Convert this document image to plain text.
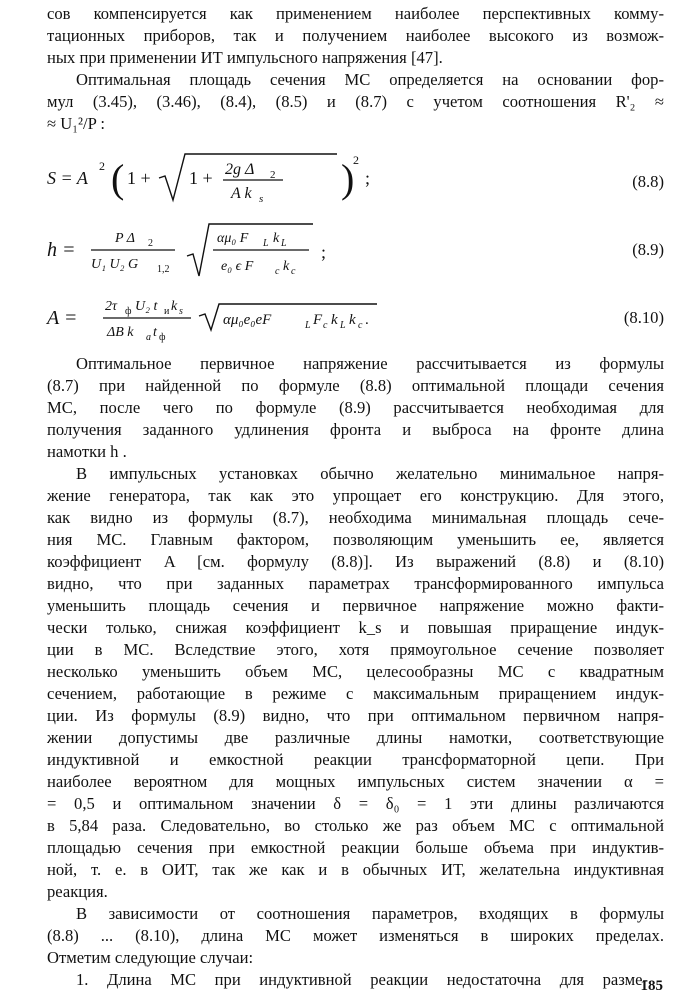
сов компенсируется как применением наиболее перспективных комму-
тационных приборов, так и получением наиболее высокого из возмож-
ных при применении ИТ импульсного напряжения [47].
Оптимальная площадь сечения МС определяется на основании фор-
мул (3.45), (3.46), (8.4), (8.5) и (8.7) с учетом соотношения R'₂ ≈
≈ U₁²/P :
S = A
2 ( 1 + 1 + 2g Δ 2
A k s )
2
;	(8.8)
h =
P Δ 2
U₁ U₂ G 1,2
αμ₀ F L k L
e₀ ϵ F c k c
;	(8.9)
A =
2τ ф U₂ t и k s
ΔB k a t ф
αμ₀e₀eF	L F c k L k c .	(8.10)
Оптимальное первичное напряжение рассчитывается из формулы
(8.7) при найденной по формуле (8.8) оптимальной площади сечения
МС, после чего по формуле (8.9) рассчитывается необходимая для
получения заданного удлинения фронта и выброса на фронте длина
намотки h .
В импульсных установках обычно желательно минимальное напря-
жение генератора, так как это упрощает его конструкцию. Для этого,
как видно из формулы (8.7), необходима минимальная площадь сече-
ния МС. Главным фактором, позволяющим уменьшить ее, является
коэффициент A [см. формулу (8.8)]. Из выражений (8.8) и (8.10)
видно, что при заданных параметрах трансформированного импульса
уменьшить площадь сечения и первичное напряжение можно факти-
чески только, снижая коэффициент k_s и повышая приращение индук-
ции в МС. Вследствие этого, хотя прямоугольное сечение позволяет
несколько уменьшить объем МС, целесообразны МС с квадратным
сечением, работающие в режиме с максимальным приращением индук-
ции. Из формулы (8.9) видно, что при оптимальном первичном напря-
жении допустимы две различные длины намотки, соответствующие
индуктивной и емкостной реакции трансформаторной цепи. При
наиболее вероятном для мощных импульсных систем значении α =
= 0,5 и оптимальном значении δ = δ₀ = 1 эти длины различаются
в 5,84 раза. Следовательно, во столько же раз объем МС с оптимальной
площадью сечения при емкостной реакции больше объема при индуктив-
ной, т. е. в ОИТ, так же как и в обычных ИТ, желательна индуктивная
реакция.
В зависимости от соотношения параметров, входящих в формулы
(8.8) ... (8.10), длина МС может изменяться в широких пределах.
Отметим следующие случаи:
1. Длина МС при индуктивной реакции недостаточна для разме-
185
